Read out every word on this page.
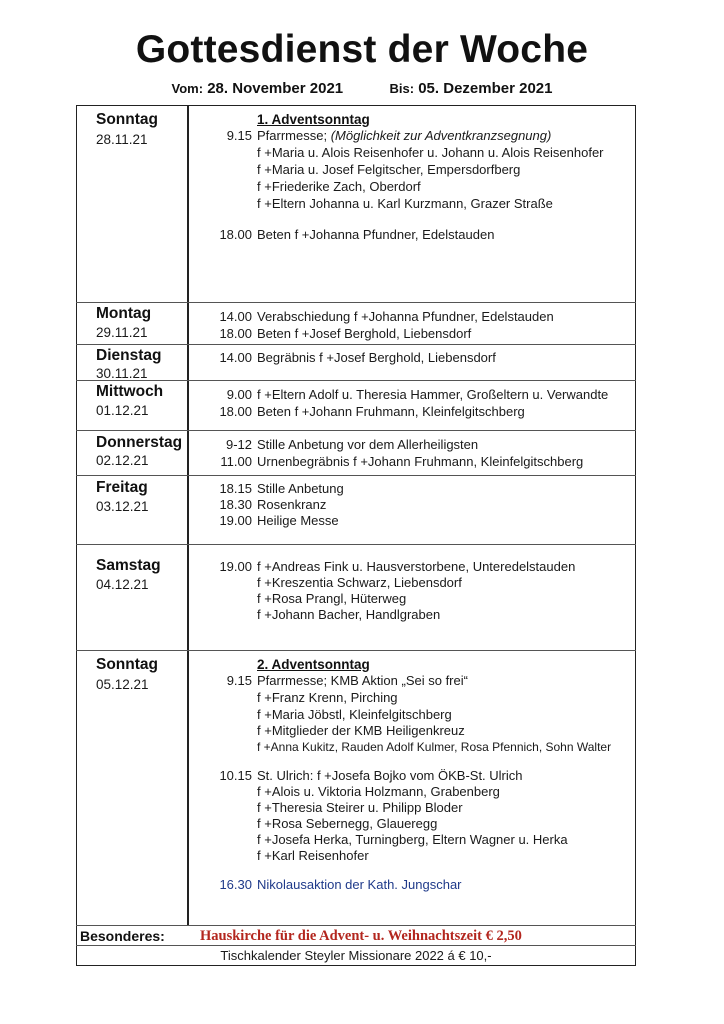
Gottesdienst der Woche
Vom: 28. November 2021	Bis: 05. Dezember 2021
Sonntag
28.11.21
1. Adventsonntag
9.15 Pfarrmesse; (Möglichkeit zur Adventkranzsegnung)
f +Maria u. Alois Reisenhofer u. Johann u. Alois Reisenhofer
f +Maria u. Josef Felgitscher, Empersdorfberg
f +Friederike Zach, Oberdorf
f +Eltern Johanna u. Karl Kurzmann, Grazer Straße
18.00 Beten f +Johanna Pfundner, Edelstauden
Montag
29.11.21
14.00 Verabschiedung f +Johanna Pfundner, Edelstauden
18.00 Beten f +Josef Berghold, Liebensdorf
Dienstag
30.11.21
14.00 Begräbnis f +Josef Berghold, Liebensdorf
Mittwoch
01.12.21
9.00 f +Eltern Adolf u. Theresia Hammer, Großeltern u. Verwandte
18.00 Beten f +Johann Fruhmann, Kleinfelgitschberg
Donnerstag
02.12.21
9-12 Stille Anbetung vor dem Allerheiligsten
11.00 Urnenbegräbnis f +Johann Fruhmann, Kleinfelgitschberg
Freitag
03.12.21
18.15 Stille Anbetung
18.30 Rosenkranz
19.00 Heilige Messe
Samstag
04.12.21
19.00 f +Andreas Fink u. Hausverstorbene, Unteredelstauden
f +Kreszentia Schwarz, Liebensdorf
f +Rosa Prangl, Hüterweg
f +Johann Bacher, Handlgraben
Sonntag
05.12.21
2. Adventsonntag
9.15 Pfarrmesse; KMB Aktion „Sei so frei“
f +Franz Krenn, Pirching
f +Maria Jöbstl, Kleinfelgitschberg
f +Mitglieder der KMB Heiligenkreuz
f +Anna Kukitz, Rauden Adolf Kulmer, Rosa Pfennich, Sohn Walter
10.15 St. Ulrich: f +Josefa Bojko vom ÖKB-St. Ulrich
f +Alois u. Viktoria Holzmann, Grabenberg
f +Theresia Steirer u. Philipp Bloder
f +Rosa Sebernegg, Glaueregg
f +Josefa Herka, Turningberg, Eltern Wagner u. Herka
f +Karl Reisenhofer
16.30 Nikolausaktion der Kath. Jungschar
Besonderes: Hauskirche für die Advent- u. Weihnachtszeit € 2,50
Tischkalender Steyler Missionare 2022 á € 10,-
